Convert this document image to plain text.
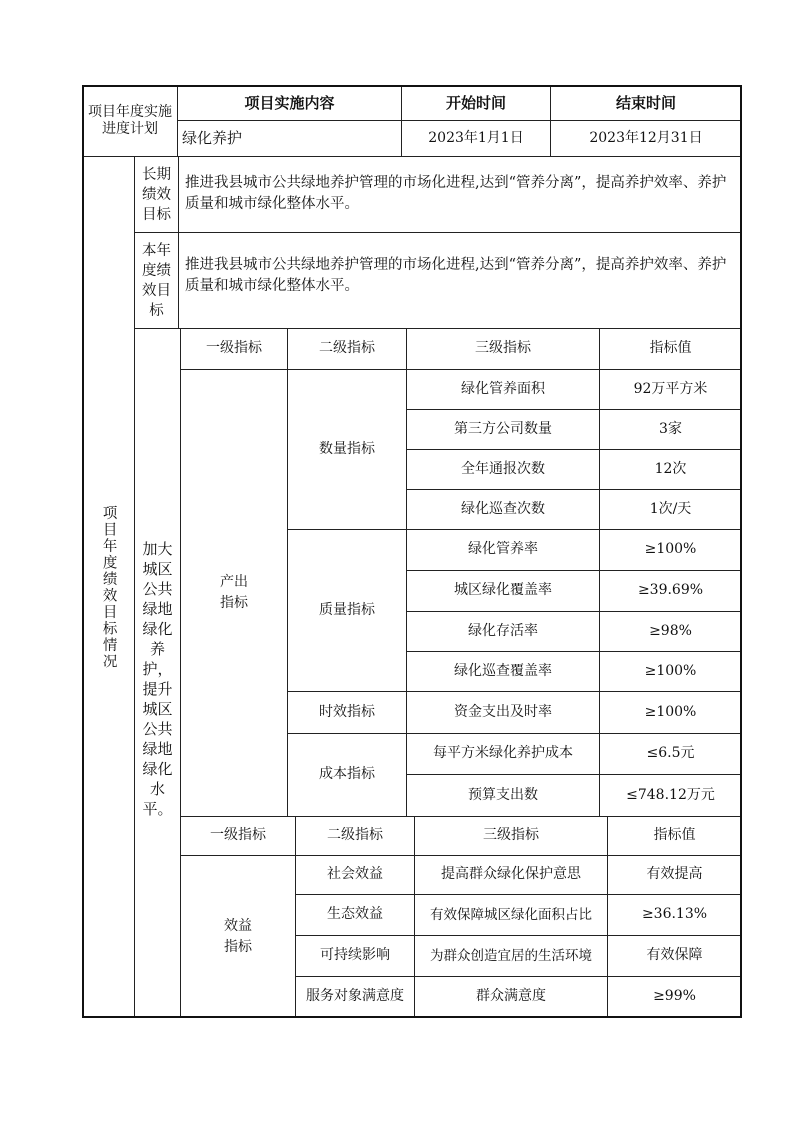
项目年度实施进度计划
项目实施内容	开始时间	结束时间
绿化养护	2023年1月1日	2023年12月31日
项目年度绩效目标情况
长期绩效目标
推进我县城市公共绿地养护管理的市场化进程,达到“管养分离”，提高养护效率、养护质量和城市绿化整体水平。
本年度绩效目标
推进我县城市公共绿地养护管理的市场化进程,达到“管养分离”，提高养护效率、养护质量和城市绿化整体水平。
加大城区公共绿地绿化养护，提升城区公共绿地绿化水平。
一级指标	二级指标	三级指标	指标值
产出指标
数量指标
绿化管养面积	92万平方米
第三方公司数量	3家
全年通报次数	12次
绿化巡查次数	1次/天
质量指标
绿化管养率	≥100%
城区绿化覆盖率	≥39.69%
绿化存活率	≥98%
绿化巡查覆盖率	≥100%
时效指标	资金支出及时率	≥100%
成本指标
每平方米绿化养护成本	≤6.5元
预算支出数	≤748.12万元
一级指标	二级指标	三级指标	指标值
效益指标
社会效益	提高群众绿化保护意思	有效提高
生态效益	有效保障城区绿化面积占比	≥36.13%
可持续影响	为群众创造宜居的生活环境	有效保障
服务对象满意度	群众满意度	≥99%
